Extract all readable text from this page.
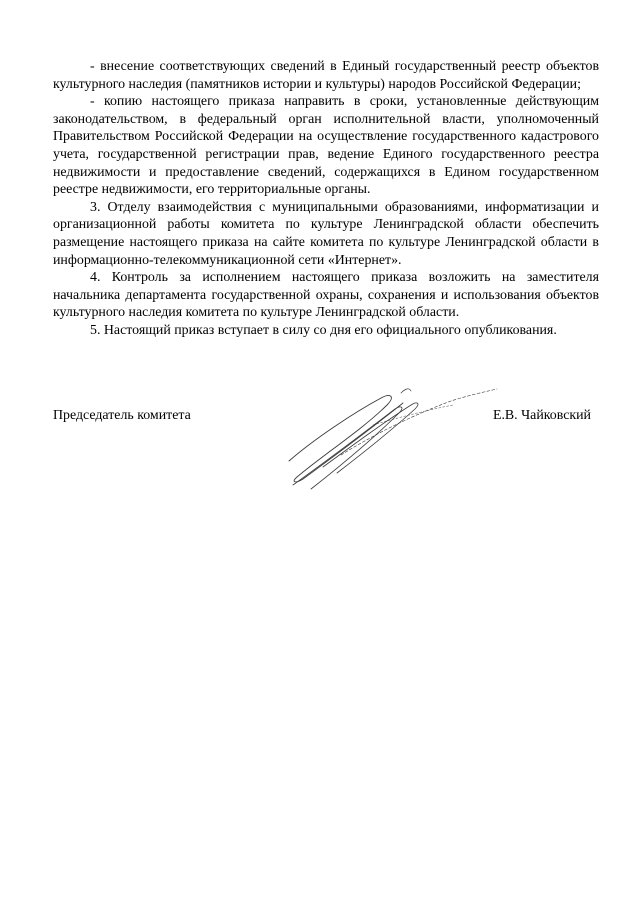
- внесение соответствующих сведений в Единый государственный реестр объектов культурного наследия (памятников истории и культуры) народов Российской Федерации;

- копию настоящего приказа направить в сроки, установленные действующим законодательством, в федеральный орган исполнительной власти, уполномоченный Правительством Российской Федерации на осуществление государственного кадастрового учета, государственной регистрации прав, ведение Единого государственного реестра недвижимости и предоставление сведений, содержащихся в Едином государственном реестре недвижимости, его территориальные органы.

3. Отделу взаимодействия с муниципальными образованиями, информатизации и организационной работы комитета по культуре Ленинградской области обеспечить размещение настоящего приказа на сайте комитета по культуре Ленинградской области в информационно-телекоммуникационной сети «Интернет».

4. Контроль за исполнением настоящего приказа возложить на заместителя начальника департамента государственной охраны, сохранения и использования объектов культурного наследия комитета по культуре Ленинградской области.

5. Настоящий приказ вступает в силу со дня его официального опубликования.

Председатель комитета	Е.В. Чайковский
